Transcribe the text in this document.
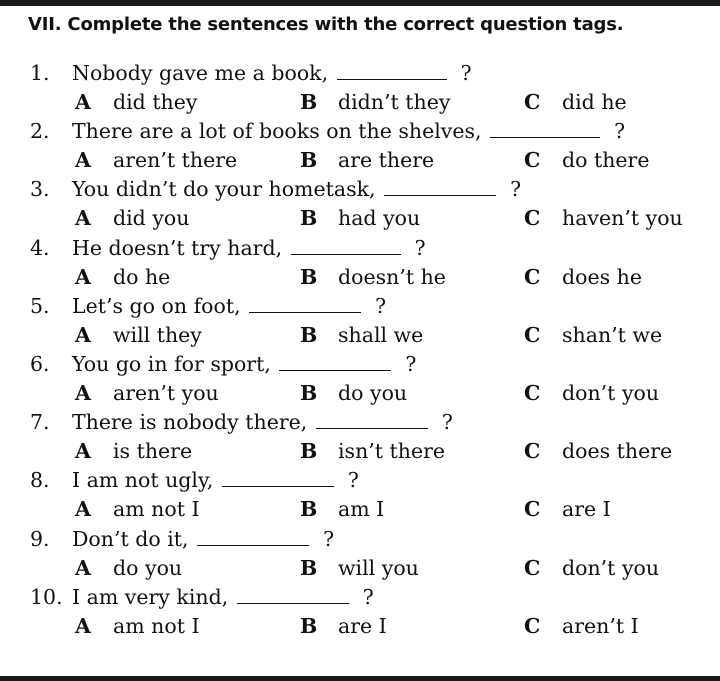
VII. Complete the sentences with the correct question tags.
1.	Nobody gave me a book,	?
A did they	B didn’t they	C did he
2.	There are a lot of books on the shelves,	?
A aren’t there	B are there	C do there
3.	You didn’t do your hometask,	?
A did you	B had you	C haven’t you
4.	He doesn’t try hard,	?
A do he	B doesn’t he	C does he
5.	Let’s go on foot,	?
A will they	B shall we	C shan’t we
6.	You go in for sport,	?
A aren’t you	B do you	C don’t you
7.	There is nobody there,	?
A is there	B isn’t there	C does there
8.	I am not ugly,	?
A am not I	B am I	C are I
9.	Don’t do it,	?
A do you	B will you	C don’t you
10. I am very kind,	?
A am not I	B are I	C aren’t I
